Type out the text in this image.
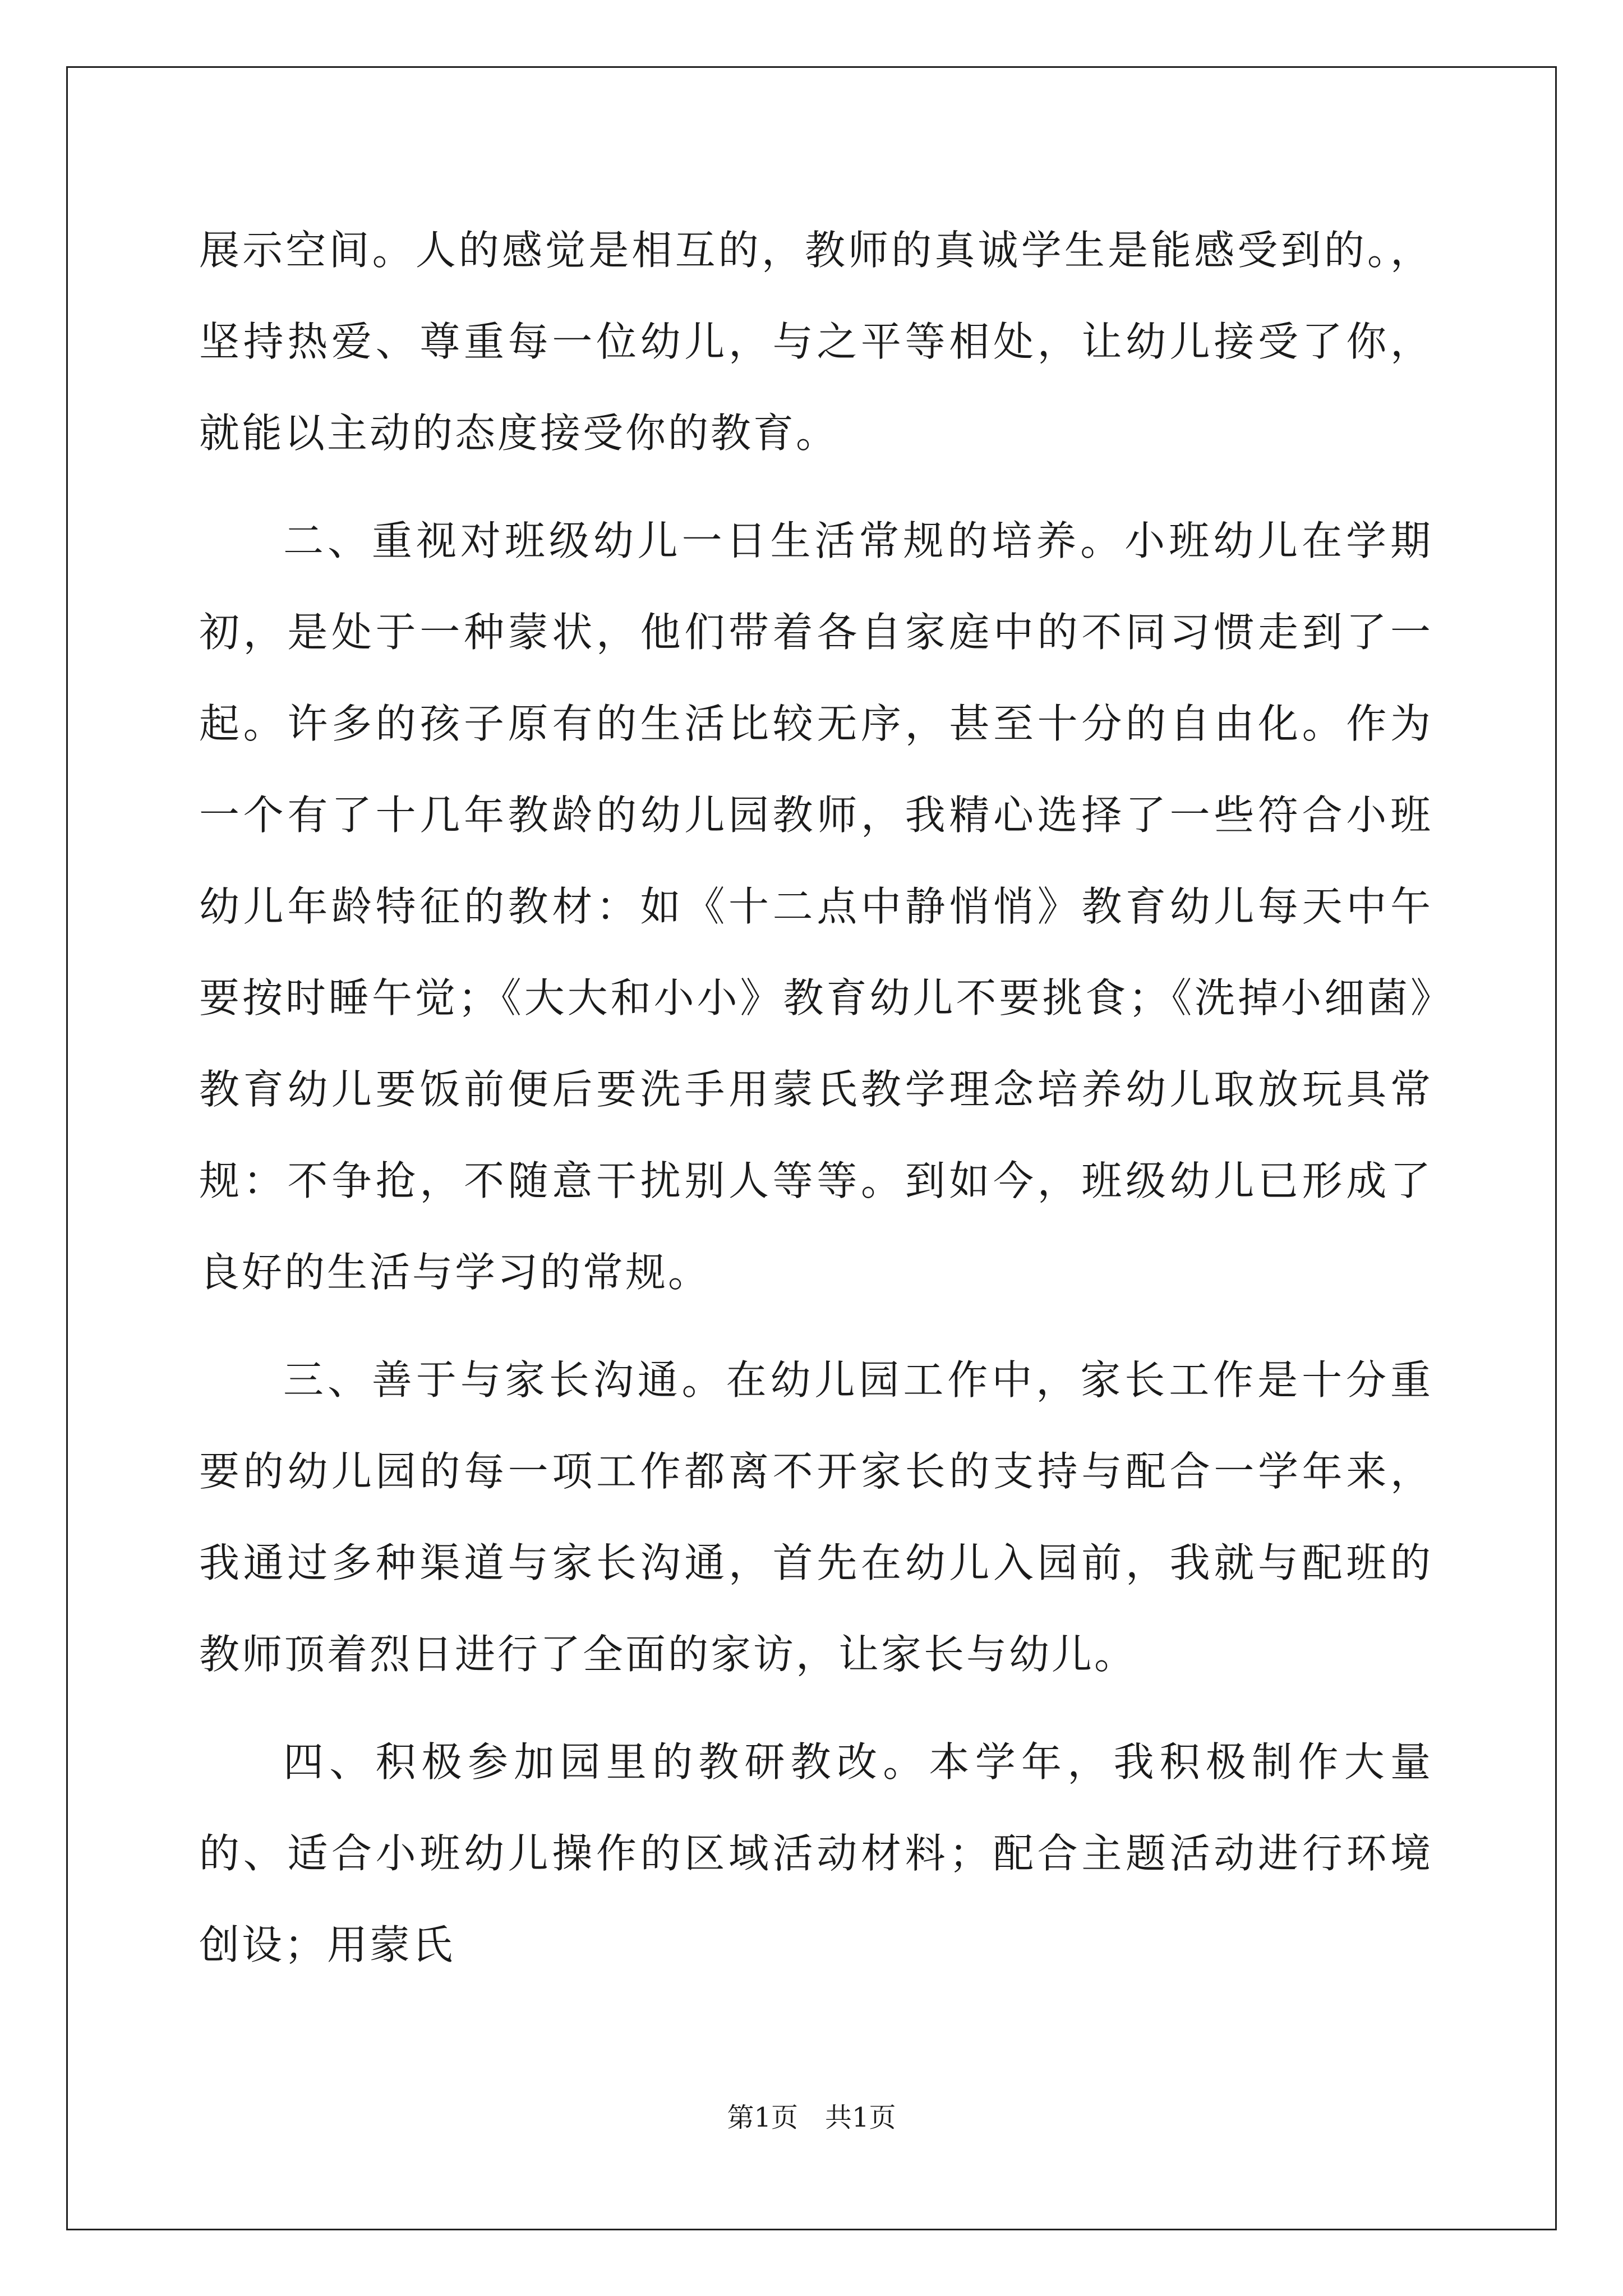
展示空间。人的感觉是相互的，教师的真诚学生是能感受到的。，坚持热爱、尊重每一位幼儿，与之平等相处，让幼儿接受了你，就能以主动的态度接受你的教育。

二、重视对班级幼儿一日生活常规的培养。小班幼儿在学期初，是处于一种蒙状，他们带着各自家庭中的不同习惯走到了一起。许多的孩子原有的生活比较无序，甚至十分的自由化。作为一个有了十几年教龄的幼儿园教师，我精心选择了一些符合小班幼儿年龄特征的教材：如《十二点中静悄悄》教育幼儿每天中午要按时睡午觉；《大大和小小》教育幼儿不要挑食；《洗掉小细菌》教育幼儿要饭前便后要洗手用蒙氏教学理念培养幼儿取放玩具常规：不争抢，不随意干扰别人等等。到如今，班级幼儿已形成了良好的生活与学习的常规。

三、善于与家长沟通。在幼儿园工作中，家长工作是十分重要的幼儿园的每一项工作都离不开家长的支持与配合一学年来，我通过多种渠道与家长沟通，首先在幼儿入园前，我就与配班的教师顶着烈日进行了全面的家访，让家长与幼儿。

四、积极参加园里的教研教改。本学年，我积极制作大量的、适合小班幼儿操作的区域活动材料；配合主题活动进行环境创设；用蒙氏

第1页 共1页
